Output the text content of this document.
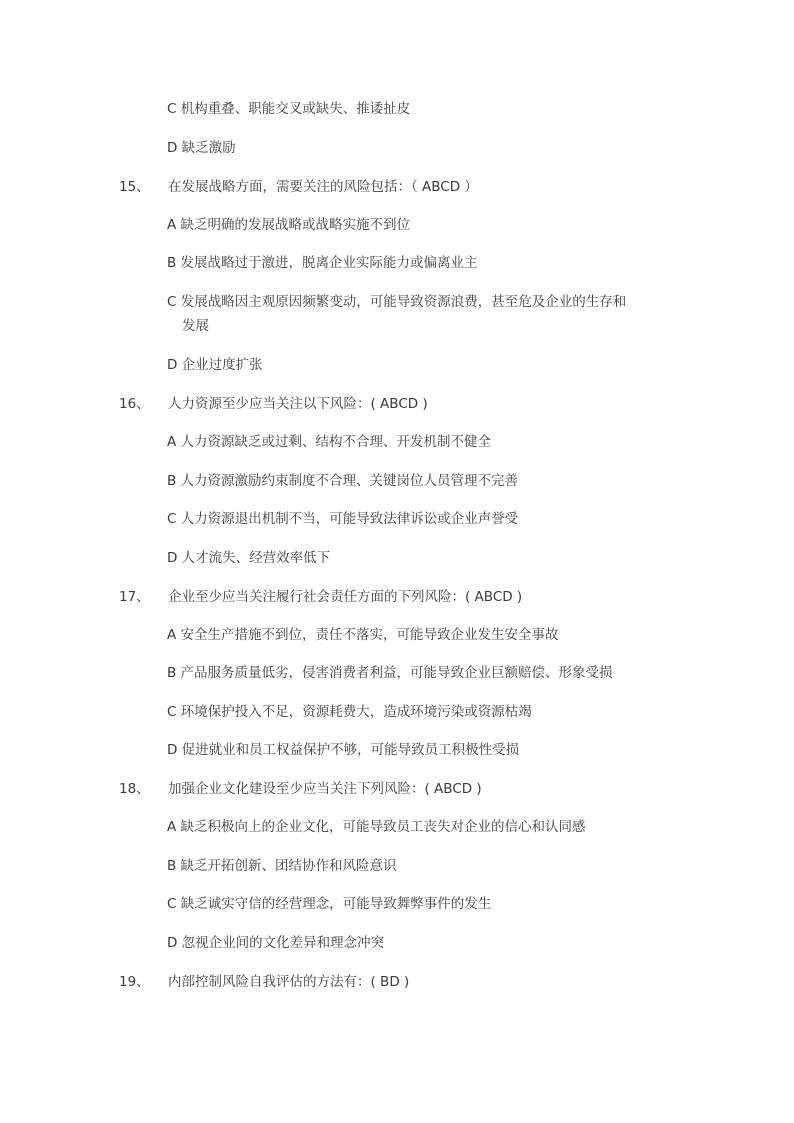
C 机构重叠、职能交叉或缺失、推诿扯皮
D 缺乏激励
15、 在发展战略方面，需要关注的风险包括：（ ABCD ）
A 缺乏明确的发展战略或战略实施不到位
B 发展战略过于激进，脱离企业实际能力或偏离业主
C 发展战略因主观原因频繁变动，可能导致资源浪费，甚至危及企业的生存和
发展
D 企业过度扩张
16、 人力资源至少应当关注以下风险：( ABCD )
A 人力资源缺乏或过剩、结构不合理、开发机制不健全
B 人力资源激励约束制度不合理、关键岗位人员管理不完善
C 人力资源退出机制不当，可能导致法律诉讼或企业声誉受
D 人才流失、经营效率低下
17、 企业至少应当关注履行社会责任方面的下列风险：( ABCD )
A 安全生产措施不到位，责任不落实，可能导致企业发生安全事故
B 产品服务质量低劣，侵害消费者利益，可能导致企业巨额赔偿、形象受损
C 环境保护投入不足，资源耗费大，造成环境污染或资源枯竭
D 促进就业和员工权益保护不够，可能导致员工积极性受损
18、 加强企业文化建设至少应当关注下列风险：( ABCD )
A 缺乏积极向上的企业文化，可能导致员工丧失对企业的信心和认同感
B 缺乏开拓创新、团结协作和风险意识
C 缺乏诚实守信的经营理念，可能导致舞弊事件的发生
D 忽视企业间的文化差异和理念冲突
19、 内部控制风险自我评估的方法有：( BD )
